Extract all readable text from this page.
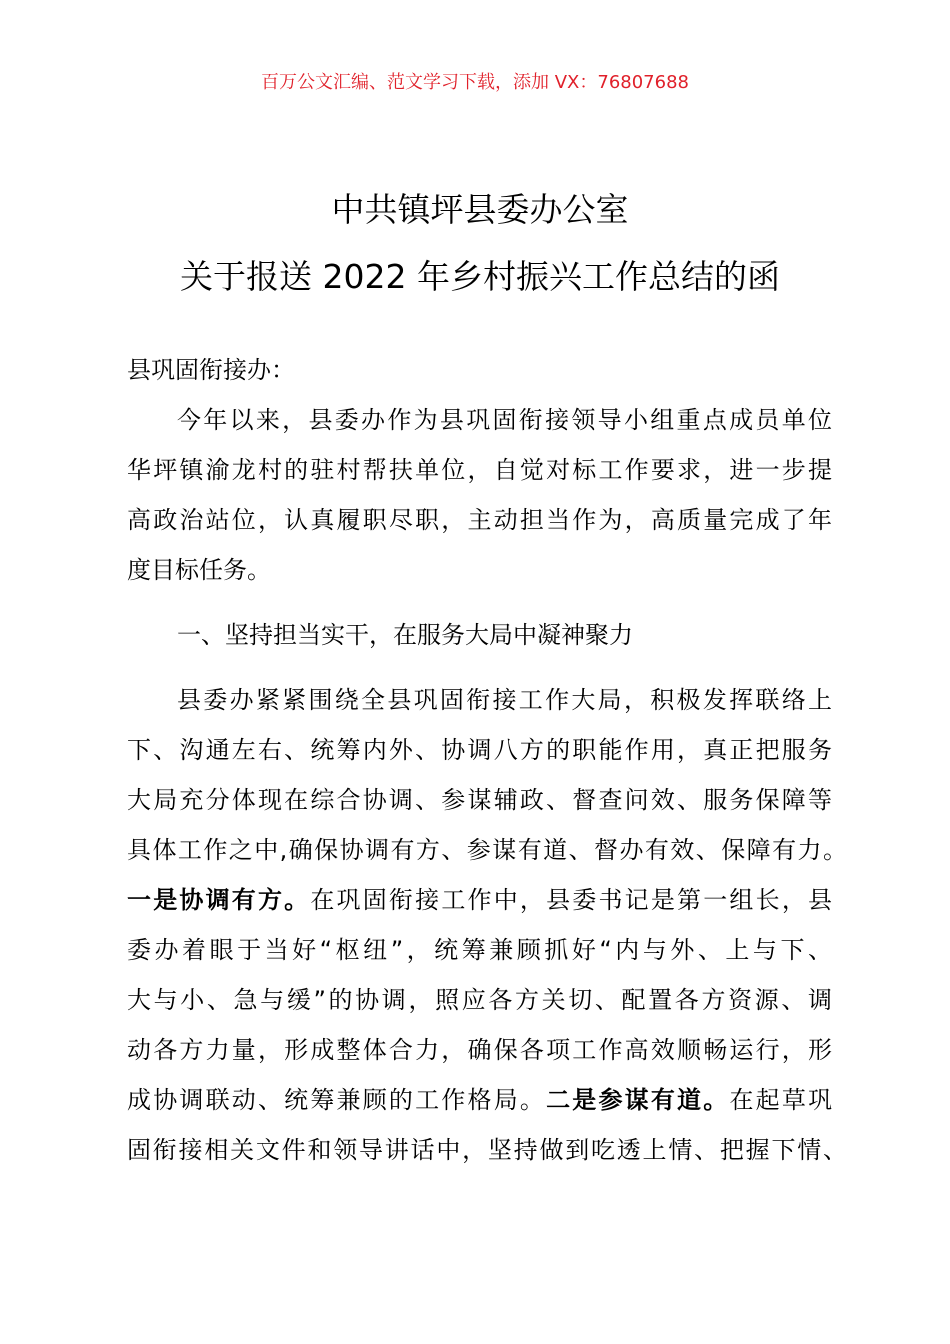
百万公文汇编、范文学习下载，添加 VX：76807688
中共镇坪县委办公室
关于报送 2022 年乡村振兴工作总结的函
县巩固衔接办：
今年以来，县委办作为县巩固衔接领导小组重点成员单位
华坪镇渝龙村的驻村帮扶单位，自觉对标工作要求，进一步提
高政治站位，认真履职尽职，主动担当作为，高质量完成了年
度目标任务。
一、坚持担当实干，在服务大局中凝神聚力
县委办紧紧围绕全县巩固衔接工作大局，积极发挥联络上
下、沟通左右、统筹内外、协调八方的职能作用，真正把服务
大局充分体现在综合协调、参谋辅政、督查问效、服务保障等
具体工作之中,确保协调有方、参谋有道、督办有效、保障有力。
一是协调有方。在巩固衔接工作中，县委书记是第一组长，县
委办着眼于当好“枢纽”，统筹兼顾抓好“内与外、上与下、
大与小、急与缓”的协调，照应各方关切、配置各方资源、调
动各方力量，形成整体合力，确保各项工作高效顺畅运行，形
成协调联动、统筹兼顾的工作格局。二是参谋有道。在起草巩
固衔接相关文件和领导讲话中，坚持做到吃透上情、把握下情、
